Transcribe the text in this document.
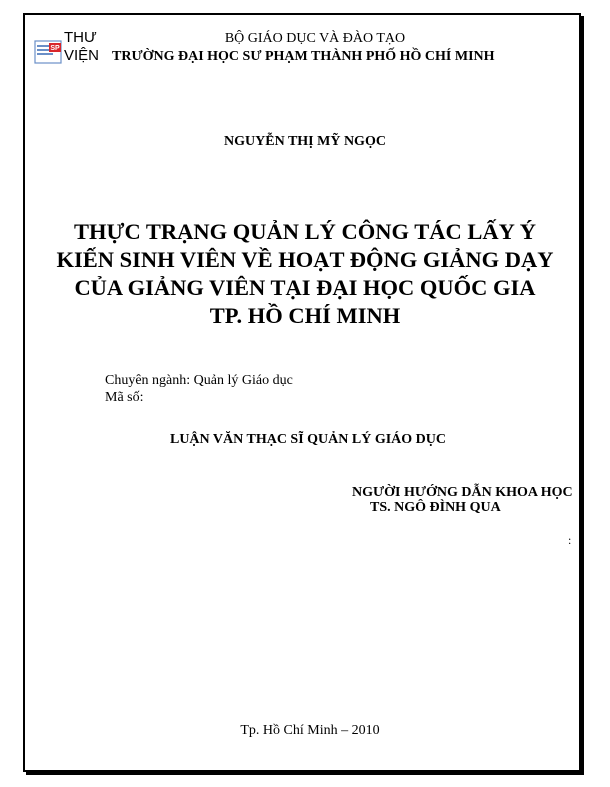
SP
THƯ
VIỆN
BỘ GIÁO DỤC VÀ ĐÀO TẠO
TRƯỜNG ĐẠI HỌC SƯ PHẠM THÀNH PHỐ HỒ CHÍ MINH
NGUYỄN THỊ MỸ NGỌC
THỰC TRẠNG QUẢN LÝ CÔNG TÁC LẤY Ý
KIẾN SINH VIÊN VỀ HOẠT ĐỘNG GIẢNG DẠY
CỦA GIẢNG VIÊN TẠI ĐẠI HỌC QUỐC GIA
TP. HỒ CHÍ MINH
Chuyên ngành: Quản lý Giáo dục
Mã số:
LUẬN VĂN THẠC SĨ QUẢN LÝ GIÁO DỤC
NGƯỜI HƯỚNG DẪN KHOA HỌC
TS. NGÔ ĐÌNH QUA
:
Tp. Hồ Chí Minh – 2010
